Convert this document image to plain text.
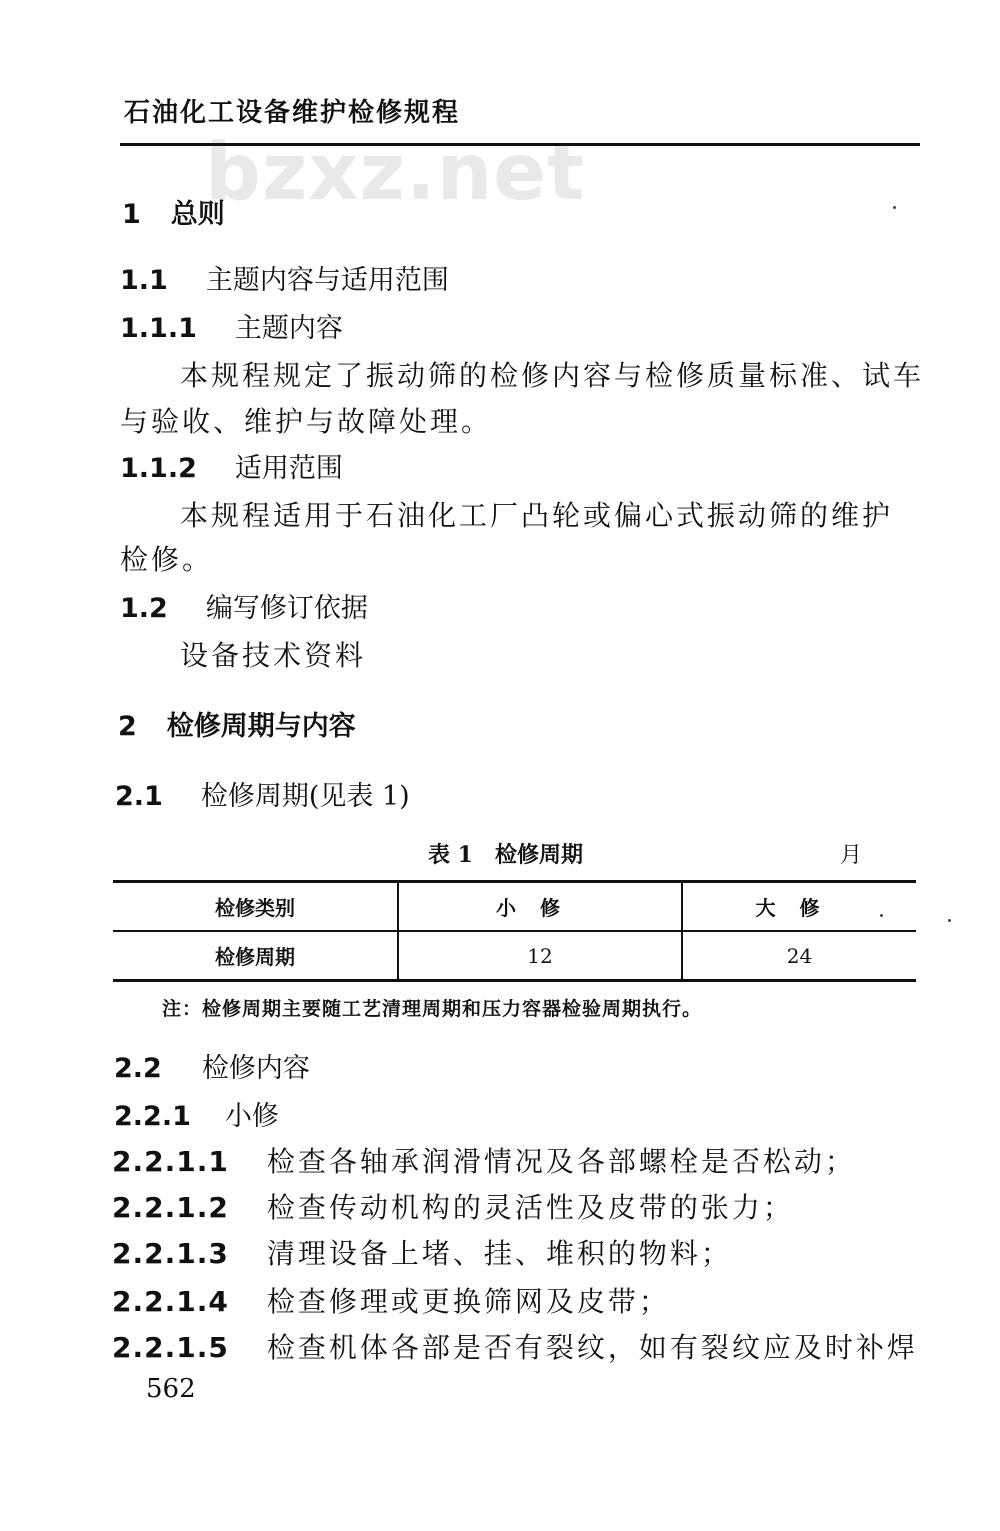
bzxz.net
石油化工设备维护检修规程
1 总则
1.1 主题内容与适用范围
1.1.1 主题内容
本规程规定了振动筛的检修内容与检修质量标准、试车
与验收、维护与故障处理。
1.1.2 适用范围
本规程适用于石油化工厂凸轮或偏心式振动筛的维护
检修。
1.2 编写修订依据
设备技术资料
2 检修周期与内容
2.1 检修周期(见表 1)
表 1　检修周期	月
检修类别	小修	大修
检修周期	12	24
注：检修周期主要随工艺清理周期和压力容器检验周期执行。
2.2 检修内容
2.2.1 小修
2.2.1.1 检查各轴承润滑情况及各部螺栓是否松动；
2.2.1.2 检查传动机构的灵活性及皮带的张力；
2.2.1.3 清理设备上堵、挂、堆积的物料；
2.2.1.4 检查修理或更换筛网及皮带；
2.2.1.5 检查机体各部是否有裂纹，如有裂纹应及时补焊
562
